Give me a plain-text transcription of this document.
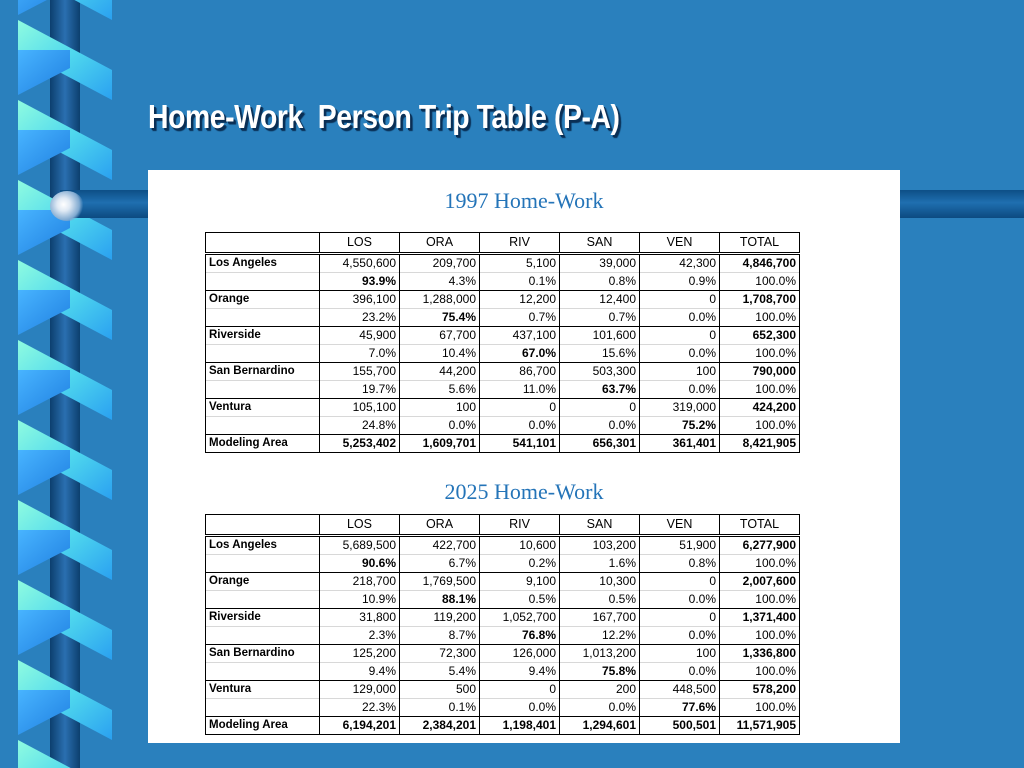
Home-Work  Person Trip Table (P-A)
1997 Home-Work
	LOS	ORA	RIV	SAN	VEN	TOTAL
Los Angeles	4,550,600	209,700	5,100	39,000	42,300	4,846,700
	93.9%	4.3%	0.1%	0.8%	0.9%	100.0%
Orange	396,100	1,288,000	12,200	12,400	0	1,708,700
	23.2%	75.4%	0.7%	0.7%	0.0%	100.0%
Riverside	45,900	67,700	437,100	101,600	0	652,300
	7.0%	10.4%	67.0%	15.6%	0.0%	100.0%
San Bernardino	155,700	44,200	86,700	503,300	100	790,000
	19.7%	5.6%	11.0%	63.7%	0.0%	100.0%
Ventura	105,100	100	0	0	319,000	424,200
	24.8%	0.0%	0.0%	0.0%	75.2%	100.0%
Modeling Area	5,253,402	1,609,701	541,101	656,301	361,401	8,421,905
2025 Home-Work
	LOS	ORA	RIV	SAN	VEN	TOTAL
Los Angeles	5,689,500	422,700	10,600	103,200	51,900	6,277,900
	90.6%	6.7%	0.2%	1.6%	0.8%	100.0%
Orange	218,700	1,769,500	9,100	10,300	0	2,007,600
	10.9%	88.1%	0.5%	0.5%	0.0%	100.0%
Riverside	31,800	119,200	1,052,700	167,700	0	1,371,400
	2.3%	8.7%	76.8%	12.2%	0.0%	100.0%
San Bernardino	125,200	72,300	126,000	1,013,200	100	1,336,800
	9.4%	5.4%	9.4%	75.8%	0.0%	100.0%
Ventura	129,000	500	0	200	448,500	578,200
	22.3%	0.1%	0.0%	0.0%	77.6%	100.0%
Modeling Area	6,194,201	2,384,201	1,198,401	1,294,601	500,501	11,571,905
